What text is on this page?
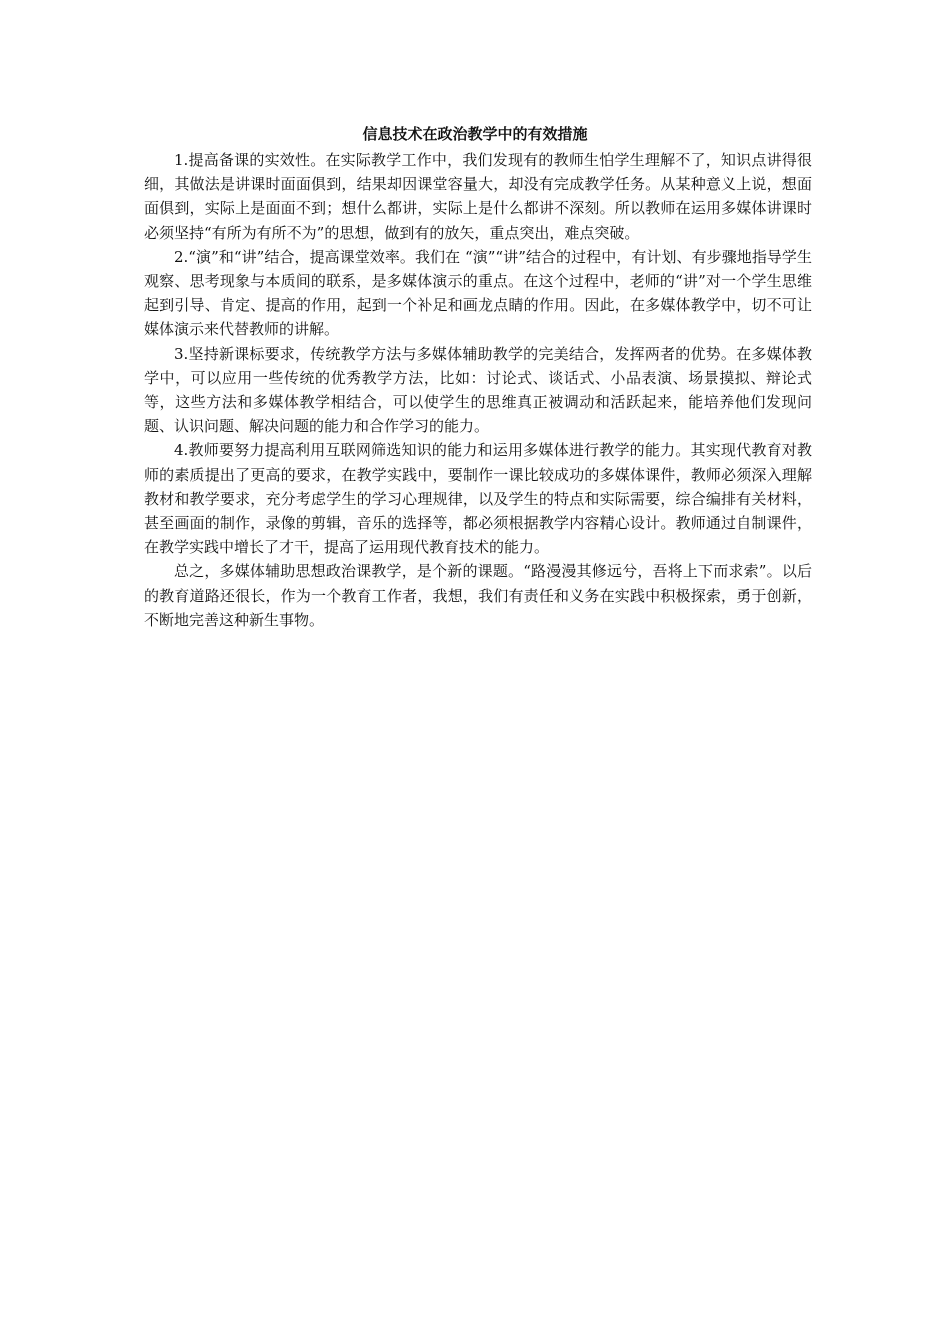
信息技术在政治教学中的有效措施

1.提高备课的实效性。在实际教学工作中，我们发现有的教师生怕学生理解不了，知识点讲得很细，其做法是讲课时面面俱到，结果却因课堂容量大，却没有完成教学任务。从某种意义上说，想面面俱到，实际上是面面不到；想什么都讲，实际上是什么都讲不深刻。所以教师在运用多媒体讲课时必须坚持“有所为有所不为”的思想，做到有的放矢，重点突出，难点突破。

2.“演”和“讲”结合，提高课堂效率。我们在 “演”“讲”结合的过程中，有计划、有步骤地指导学生观察、思考现象与本质间的联系，是多媒体演示的重点。在这个过程中，老师的“讲”对一个学生思维起到引导、肯定、提高的作用，起到一个补足和画龙点睛的作用。因此，在多媒体教学中，切不可让媒体演示来代替教师的讲解。

3.坚持新课标要求，传统教学方法与多媒体辅助教学的完美结合，发挥两者的优势。在多媒体教学中，可以应用一些传统的优秀教学方法，比如：讨论式、谈话式、小品表演、场景摸拟、辩论式等，这些方法和多媒体教学相结合，可以使学生的思维真正被调动和活跃起来，能培养他们发现问题、认识问题、解决问题的能力和合作学习的能力。

4.教师要努力提高利用互联网筛选知识的能力和运用多媒体进行教学的能力。其实现代教育对教师的素质提出了更高的要求，在教学实践中，要制作一课比较成功的多媒体课件，教师必须深入理解教材和教学要求，充分考虑学生的学习心理规律，以及学生的特点和实际需要，综合编排有关材料，甚至画面的制作，录像的剪辑，音乐的选择等，都必须根据教学内容精心设计。教师通过自制课件，在教学实践中增长了才干，提高了运用现代教育技术的能力。

总之，多媒体辅助思想政治课教学，是个新的课题。“路漫漫其修远兮，吾将上下而求索”。以后的教育道路还很长，作为一个教育工作者，我想，我们有责任和义务在实践中积极探索，勇于创新，不断地完善这种新生事物。
